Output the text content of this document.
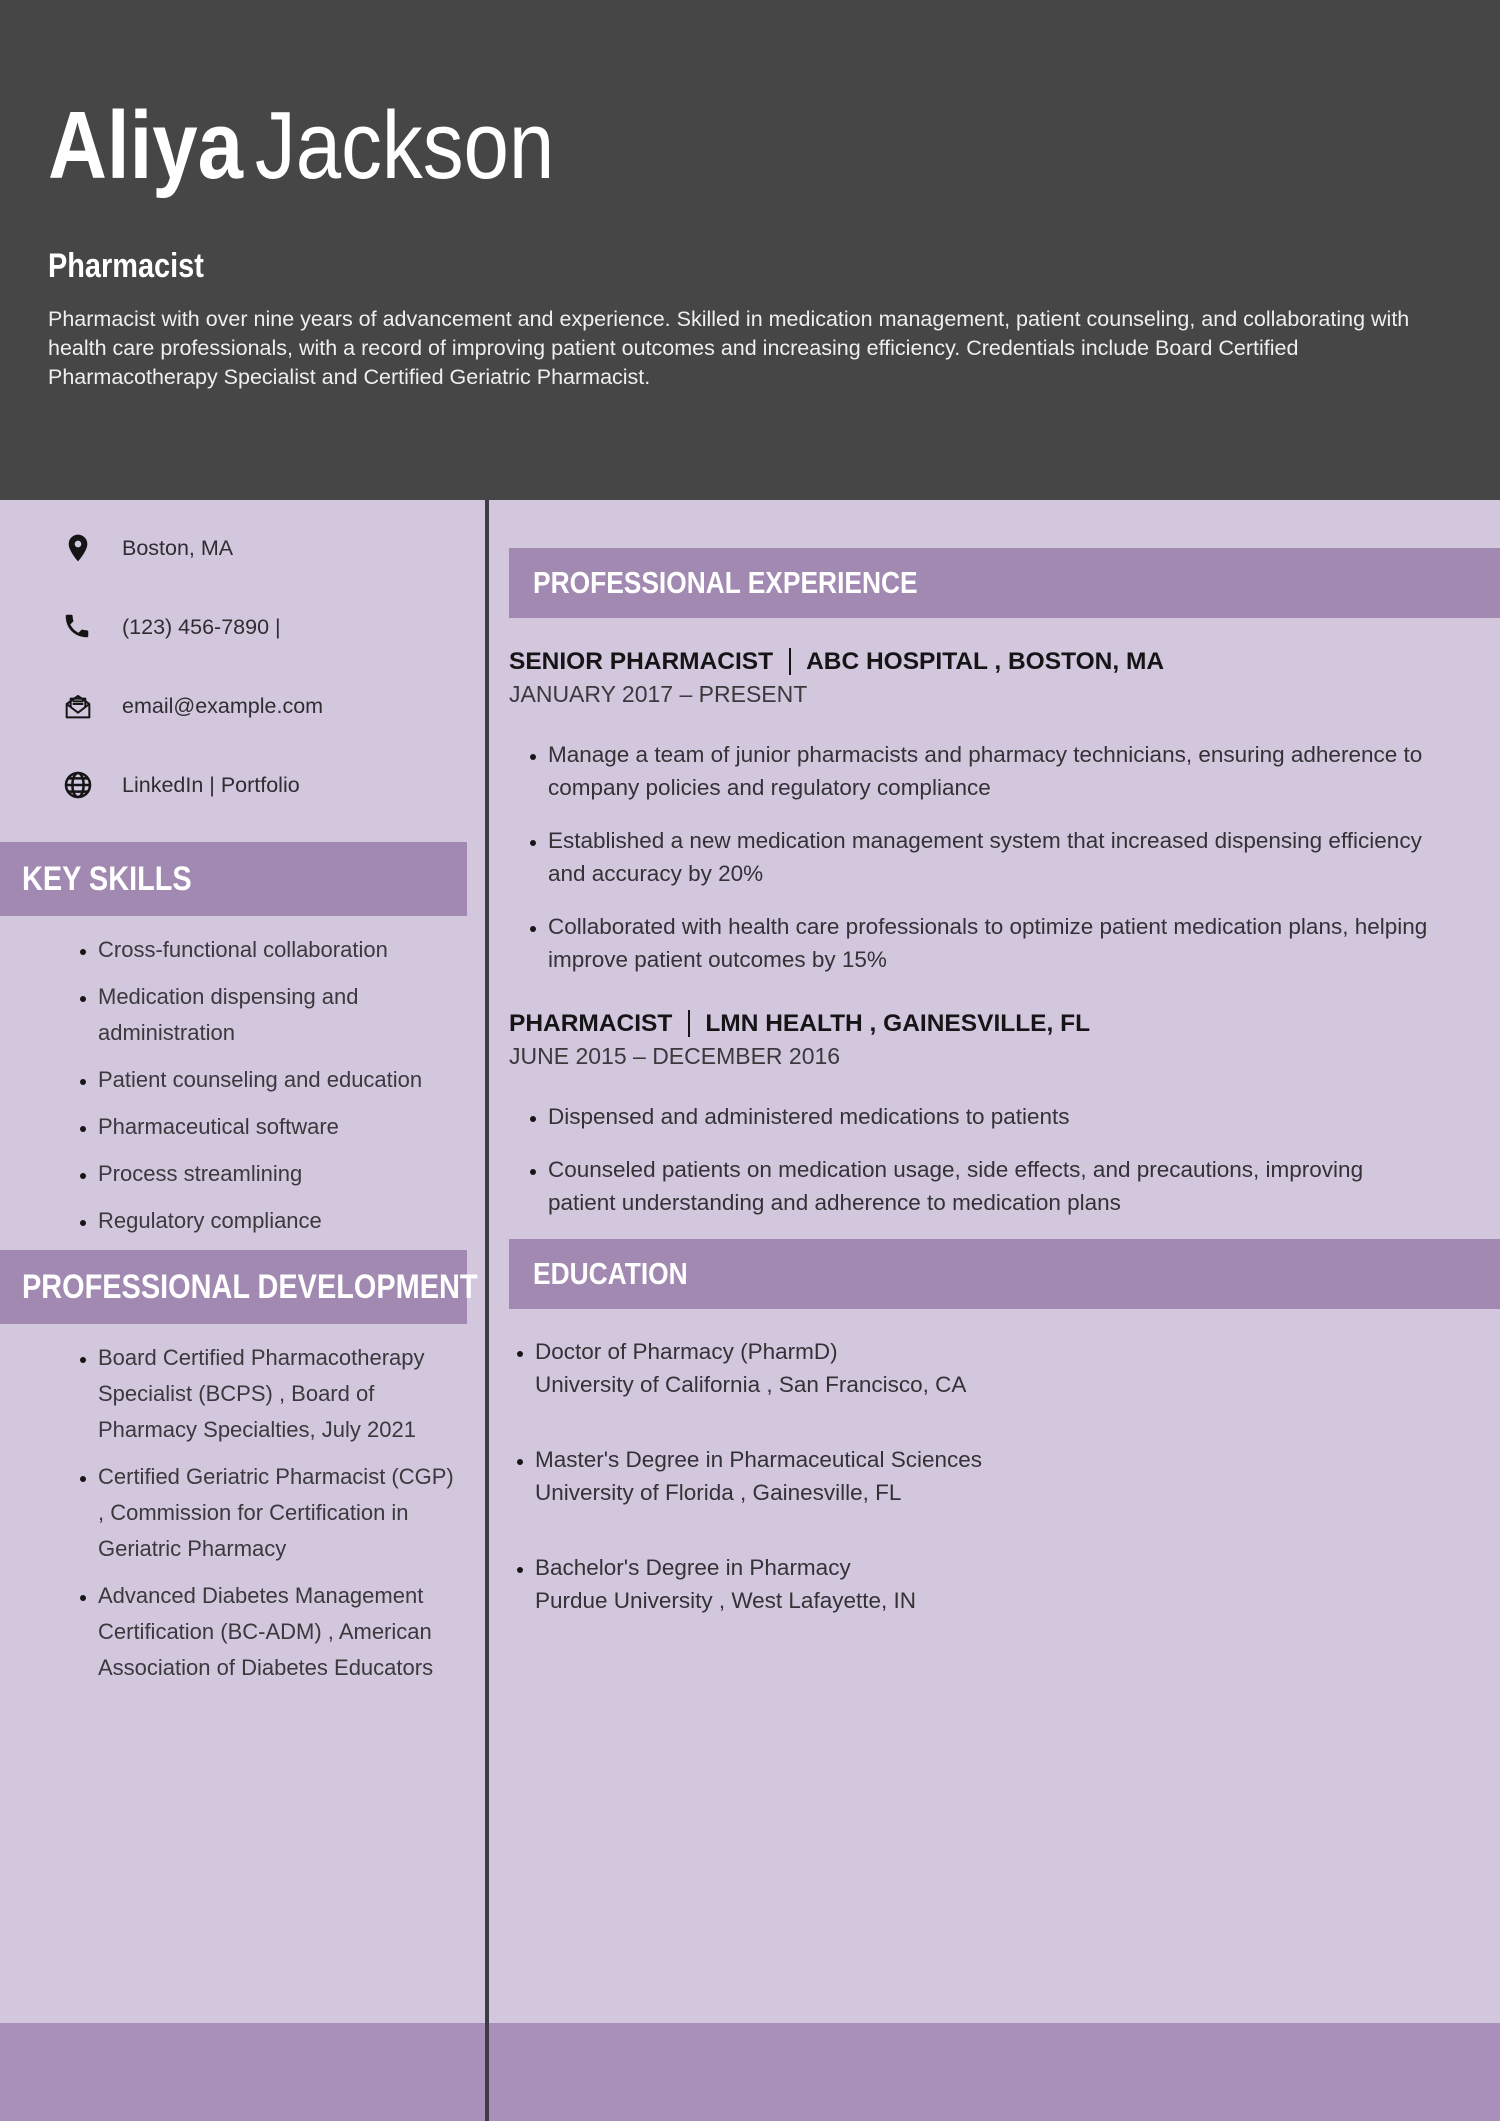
Aliya Jackson
Pharmacist

Pharmacist with over nine years of advancement and experience. Skilled in medication management, patient counseling, and collaborating with health care professionals, with a record of improving patient outcomes and increasing efficiency. Credentials include Board Certified Pharmacotherapy Specialist and Certified Geriatric Pharmacist.

Boston, MA
(123) 456-7890 |
email@example.com
LinkedIn | Portfolio
KEY SKILLS
• Cross-functional collaboration
• Medication dispensing and administration
• Patient counseling and education
• Pharmaceutical software
• Process streamlining
• Regulatory compliance
PROFESSIONAL DEVELOPMENT
• Board Certified Pharmacotherapy Specialist (BCPS) , Board of Pharmacy Specialties, July 2021
• Certified Geriatric Pharmacist (CGP) , Commission for Certification in Geriatric Pharmacy
• Advanced Diabetes Management Certification (BC-ADM) , American Association of Diabetes Educators
PROFESSIONAL EXPERIENCE
SENIOR PHARMACIST ABC HOSPITAL , BOSTON, MA
JANUARY 2017 – PRESENT
• Manage a team of junior pharmacists and pharmacy technicians, ensuring adherence to company policies and regulatory compliance
• Established a new medication management system that increased dispensing efficiency and accuracy by 20%
• Collaborated with health care professionals to optimize patient medication plans, helping improve patient outcomes by 15%
PHARMACIST LMN HEALTH , GAINESVILLE, FL
JUNE 2015 – DECEMBER 2016
• Dispensed and administered medications to patients
• Counseled patients on medication usage, side effects, and precautions, improving patient understanding and adherence to medication plans
EDUCATION
• Doctor of Pharmacy (PharmD)
University of California , San Francisco, CA
• Master's Degree in Pharmaceutical Sciences
University of Florida , Gainesville, FL
• Bachelor's Degree in Pharmacy
Purdue University , West Lafayette, IN
